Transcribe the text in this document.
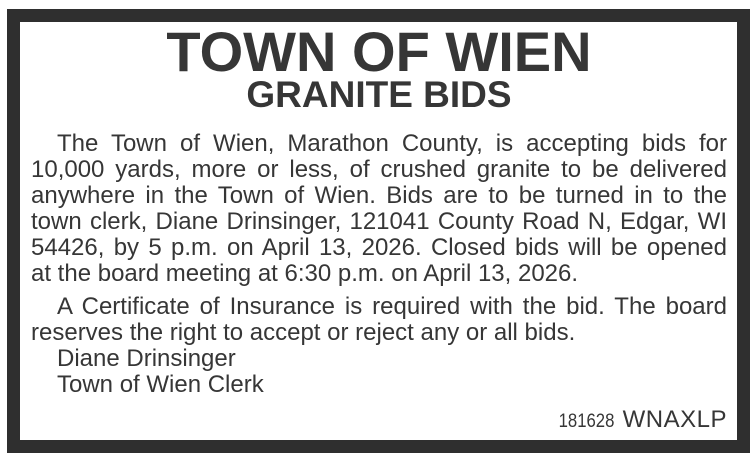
TOWN OF WIEN
GRANITE BIDS
The Town of Wien, Marathon County, is accepting bids for
10,000 yards, more or less, of crushed granite to be delivered
anywhere in the Town of Wien. Bids are to be turned in to the
town clerk, Diane Drinsinger, 121041 County Road N, Edgar, WI
54426, by 5 p.m. on April 13, 2026. Closed bids will be opened
at the board meeting at 6:30 p.m. on April 13, 2026.
A Certificate of Insurance is required with the bid. The board
reserves the right to accept or reject any or all bids.
Diane Drinsinger
Town of Wien Clerk
181628 WNAXLP
